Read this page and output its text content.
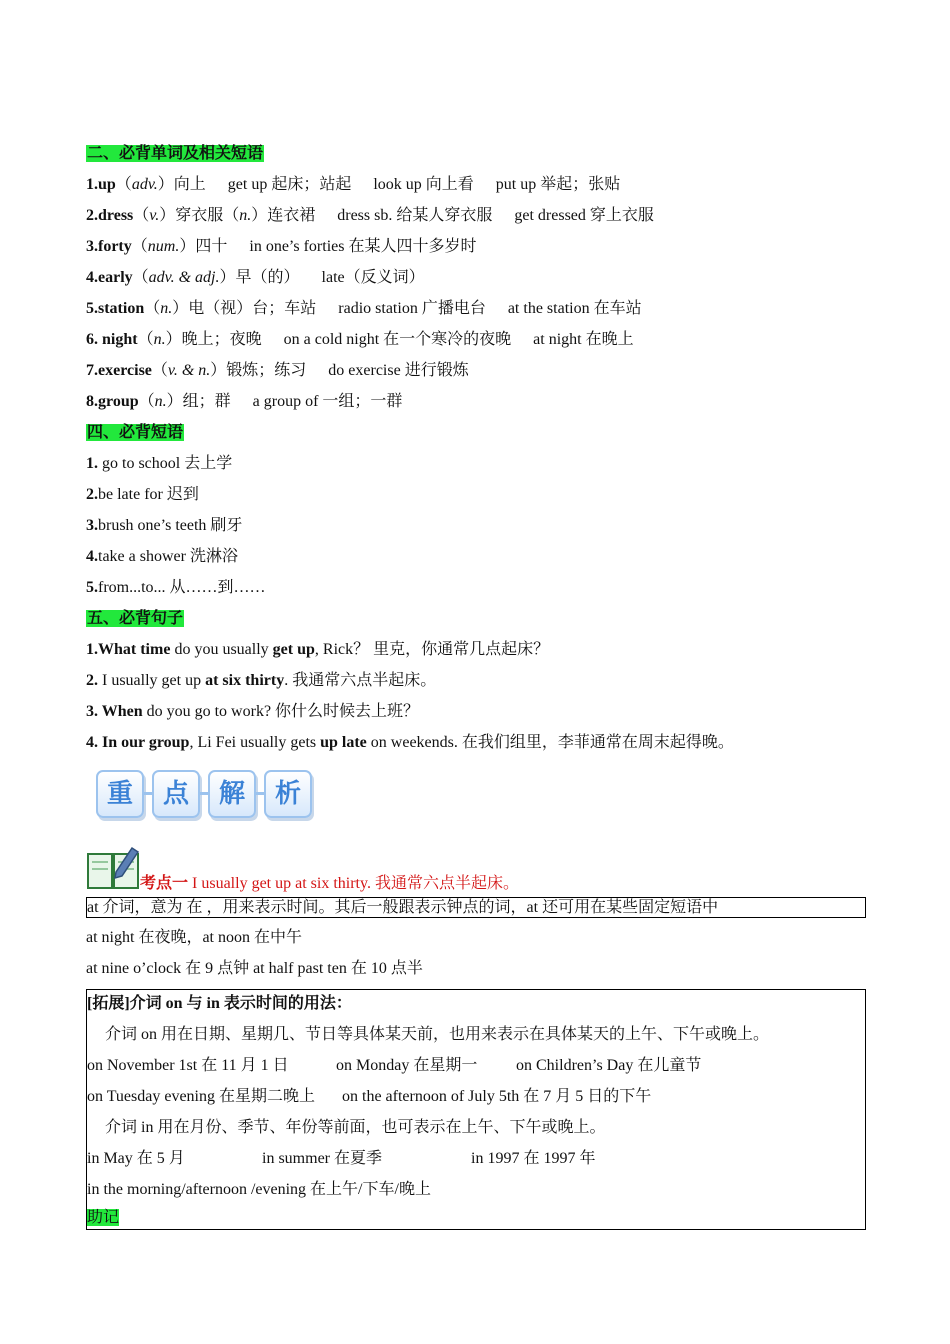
二、必背单词及相关短语
1.up（adv.）向上 get up 起床；站起 look up 向上看 put up 举起；张贴
2.dress（v.）穿衣服（n.）连衣裙 dress sb. 给某人穿衣服 get dressed 穿上衣服
3.forty（num.）四十 in one’s forties 在某人四十多岁时
4.early（adv. & adj.）早（的） late（反义词）
5.station（n.）电（视）台；车站 radio station 广播电台 at the station 在车站
6. night（n.）晚上；夜晚 on a cold night 在一个寒冷的夜晚 at night 在晚上
7.exercise（v. & n.）锻炼；练习 do exercise 进行锻炼
8.group（n.）组；群 a group of 一组；一群
四、必背短语
1. go to school 去上学
2.be late for 迟到
3.brush one’s teeth 刷牙
4.take a shower 洗淋浴
5.from...to... 从……到……
五、必背句子
1.What time do you usually get up, Rick？ 里克，你通常几点起床？
2. I usually get up at six thirty. 我通常六点半起床。
3. When do you go to work? 你什么时候去上班？
4. In our group, Li Fei usually gets up late on weekends. 在我们组里，李菲通常在周末起得晚。
重	点	解	析
考点一 I usually get up at six thirty. 我通常六点半起床。
at 介词，意为 在 ，用来表示时间。其后一般跟表示钟点的词，at 还可用在某些固定短语中
at night 在夜晚，at noon 在中午
at nine o’clock 在 9 点钟 at half past ten 在 10 点半
[拓展]介词 on 与 in 表示时间的用法：
介词 on 用在日期、星期几、节日等具体某天前，也用来表示在具体某天的上午、下午或晚上。
on November 1st 在 11 月 1 日	on Monday 在星期一 on Children’s Day 在儿童节
on Tuesday evening 在星期二晚上 on the afternoon of July 5th 在 7 月 5 日的下午
介词 in 用在月份、季节、年份等前面，也可表示在上午、下午或晚上。
in May 在 5 月	in summer 在夏季	in 1997 在 1997 年
in the morning/afternoon /evening 在上午/下车/晚上
助记
